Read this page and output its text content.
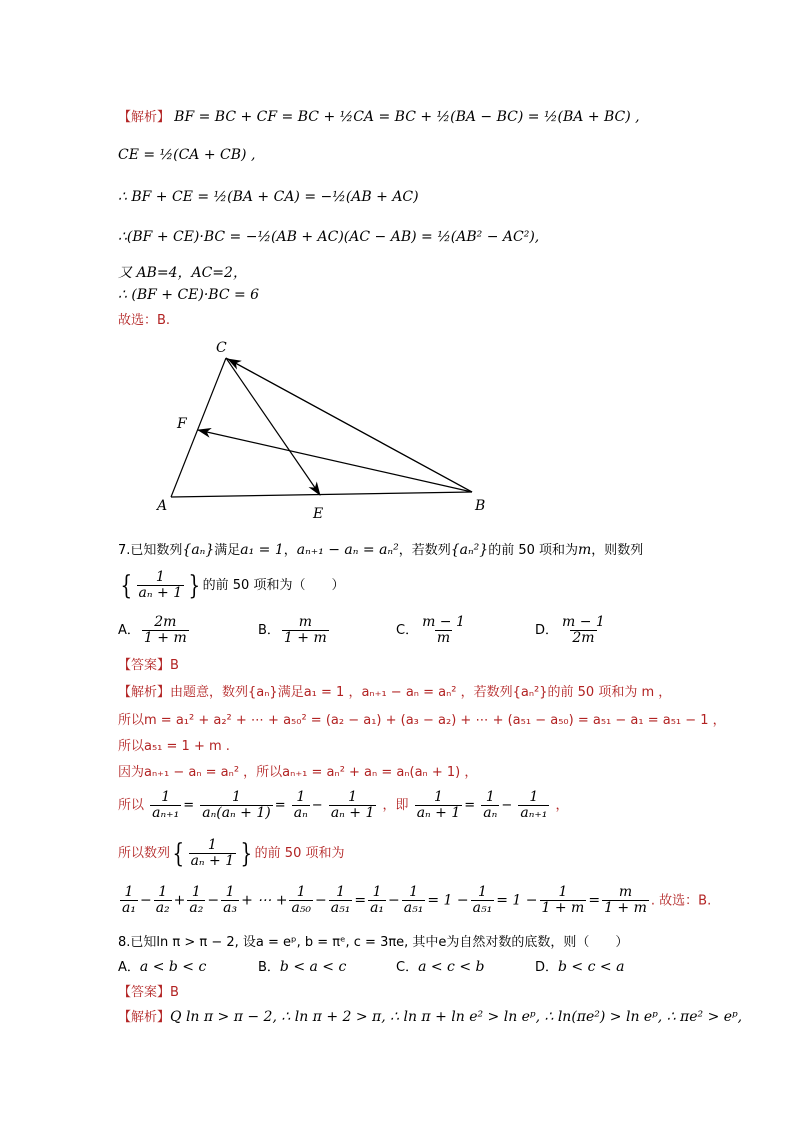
【解析】 BF = BC + CF = BC + ½CA = BC + ½(BA − BC) = ½(BA + BC) ,
CE = ½(CA + CB) ,
∴ BF + CE = ½(BA + CA) = −½(AB + AC)
∴(BF + CE)·BC = −½(AB + AC)(AC − AB) = ½(AB² − AC²),
又 AB=4，AC=2，
∴ (BF + CE)·BC = 6
故选：B.
C
F
A	E	B
7.已知数列{aₙ}满足a₁ = 1，aₙ₊₁ − aₙ = aₙ²，若数列{aₙ²}的前 50 项和为m，则数列
{ $\frac{1}{\text{aₙ + 1}}$ } 的前 50 项和为（　　）
A． $\frac{2m}{1 + m}$	B． $\frac{m}{1 + m}$	C． $\frac{m - 1}{m}$	D． $\frac{m - 1}{2m}$
【答案】B
【解析】由题意，数列{aₙ}满足a₁ = 1 ，aₙ₊₁ − aₙ = aₙ² ，若数列{aₙ²}的前 50 项和为 m ，
所以m = a₁² + a₂² + ⋯ + a₅₀² = (a₂ − a₁) + (a₃ − a₂) + ⋯ + (a₅₁ − a₅₀) = a₅₁ − a₁ = a₅₁ − 1 ，
所以a₅₁ = 1 + m .
因为aₙ₊₁ − aₙ = aₙ² ，所以aₙ₊₁ = aₙ² + aₙ = aₙ(aₙ + 1) ，
所以 $\frac{1}{\text{aₙ₊₁}} = \frac{1}{\text{aₙ(aₙ + 1)}} = \frac{1}{\text{aₙ}} - \frac{1}{\text{aₙ + 1}}$ ，即 $\frac{1}{\text{aₙ + 1}} = \frac{1}{\text{aₙ}} - \frac{1}{\text{aₙ₊₁}}$ ，
所以数列{ $\frac{1}{\text{aₙ + 1}}$ } 的前 50 项和为
$\frac{1}{\text{a₁}} - \frac{1}{\text{a₂}} + \frac{1}{\text{a₂}} - \frac{1}{\text{a₃}}$ + ⋯ + $\frac{1}{\text{a₅₀}} - \frac{1}{\text{a₅₁}} = \frac{1}{\text{a₁}} - \frac{1}{\text{a₅₁}} = 1 - \frac{1}{\text{a₅₁}} = 1 - \frac{1}{1 + m} = \frac{m}{1 + m}$ . 故选：B.
8.已知ln π > π − 2, 设a = eᵖ, b = πᵉ, c = 3πe, 其中e为自然对数的底数，则（　　）
A．a < b < c	B．b < a < c	C．a < c < b	D．b < c < a
【答案】B
【解析】Q ln π > π − 2, ∴ ln π + 2 > π, ∴ ln π + ln e² > ln eᵖ, ∴ ln(πe²) > ln eᵖ, ∴ πe² > eᵖ,
